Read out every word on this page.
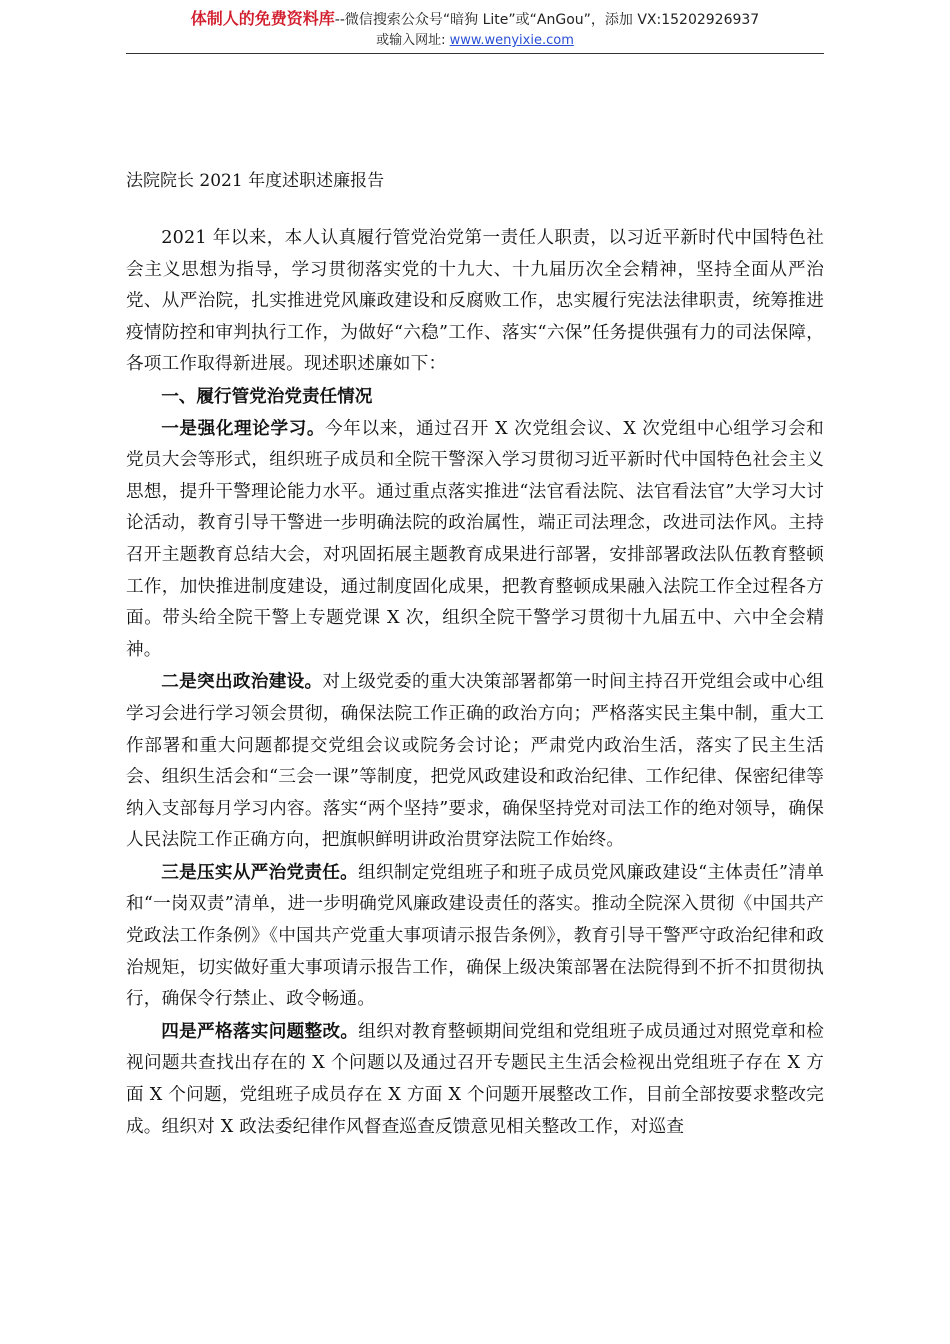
体制人的免费资料库--微信搜索公众号“暗狗 Lite”或“AnGou”，添加 VX:15202926937
或输入网址: www.wenyixie.com

法院院长 2021 年度述职述廉报告

2021 年以来，本人认真履行管党治党第一责任人职责，以习近平新时代中国特色社会主义思想为指导，学习贯彻落实党的十九大、十九届历次全会精神，坚持全面从严治党、从严治院，扎实推进党风廉政建设和反腐败工作，忠实履行宪法法律职责，统筹推进疫情防控和审判执行工作，为做好“六稳”工作、落实“六保”任务提供强有力的司法保障，各项工作取得新进展。现述职述廉如下：

一、履行管党治党责任情况

一是强化理论学习。今年以来，通过召开 X 次党组会议、X 次党组中心组学习会和党员大会等形式，组织班子成员和全院干警深入学习贯彻习近平新时代中国特色社会主义思想，提升干警理论能力水平。通过重点落实推进“法官看法院、法官看法官”大学习大讨论活动，教育引导干警进一步明确法院的政治属性，端正司法理念，改进司法作风。主持召开主题教育总结大会，对巩固拓展主题教育成果进行部署，安排部署政法队伍教育整顿工作，加快推进制度建设，通过制度固化成果，把教育整顿成果融入法院工作全过程各方面。带头给全院干警上专题党课 X 次，组织全院干警学习贯彻十九届五中、六中全会精神。

二是突出政治建设。对上级党委的重大决策部署都第一时间主持召开党组会或中心组学习会进行学习领会贯彻，确保法院工作正确的政治方向；严格落实民主集中制，重大工作部署和重大问题都提交党组会议或院务会讨论；严肃党内政治生活，落实了民主生活会、组织生活会和“三会一课”等制度，把党风政建设和政治纪律、工作纪律、保密纪律等纳入支部每月学习内容。落实“两个坚持”要求，确保坚持党对司法工作的绝对领导，确保人民法院工作正确方向，把旗帜鲜明讲政治贯穿法院工作始终。

三是压实从严治党责任。组织制定党组班子和班子成员党风廉政建设“主体责任”清单和“一岗双责”清单，进一步明确党风廉政建设责任的落实。推动全院深入贯彻《中国共产党政法工作条例》《中国共产党重大事项请示报告条例》，教育引导干警严守政治纪律和政治规矩，切实做好重大事项请示报告工作，确保上级决策部署在法院得到不折不扣贯彻执行，确保令行禁止、政令畅通。

四是严格落实问题整改。组织对教育整顿期间党组和党组班子成员通过对照党章和检视问题共查找出存在的 X 个问题以及通过召开专题民主生活会检视出党组班子存在 X 方面 X 个问题，党组班子成员存在 X 方面 X 个问题开展整改工作，目前全部按要求整改完成。组织对 X 政法委纪律作风督查巡查反馈意见相关整改工作，对巡查
